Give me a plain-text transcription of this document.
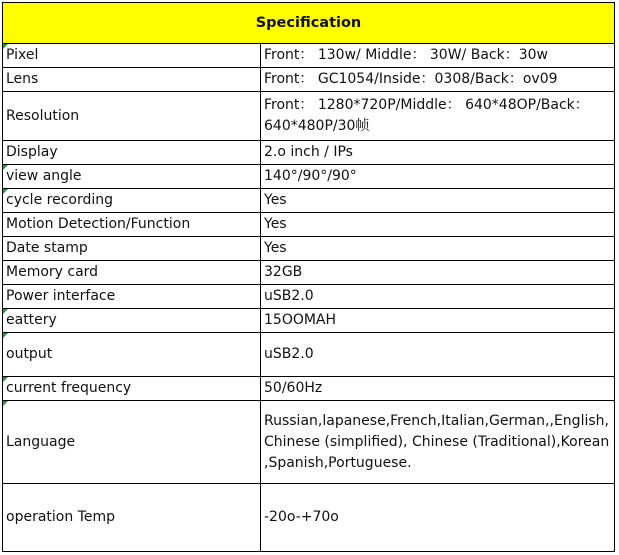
Specification	
Pixel	Front： 130w/ Middle： 30W/ Back：30w
Lens	Front： GC1054/Inside：0308/Back：ov09
Resolution	Front： 1280*720P/Middle： 640*48OP/Back：640*480P/30帧
Display	2.o inch / IPs
view angle	140°/90°/90°
cycle recording	Yes
Motion Detection/Function	Yes
Date stamp	Yes
Memory card	32GB
Power interface	uSB2.0
eattery	15OOMAH
output	uSB2.0
current frequency	50/60Hz
Language	Russian,lapanese,French,Italian,German,,English, Chinese (simplified), Chinese (Traditional),Korean ,Spanish,Portuguese.
operation Temp	-20o-+70o
